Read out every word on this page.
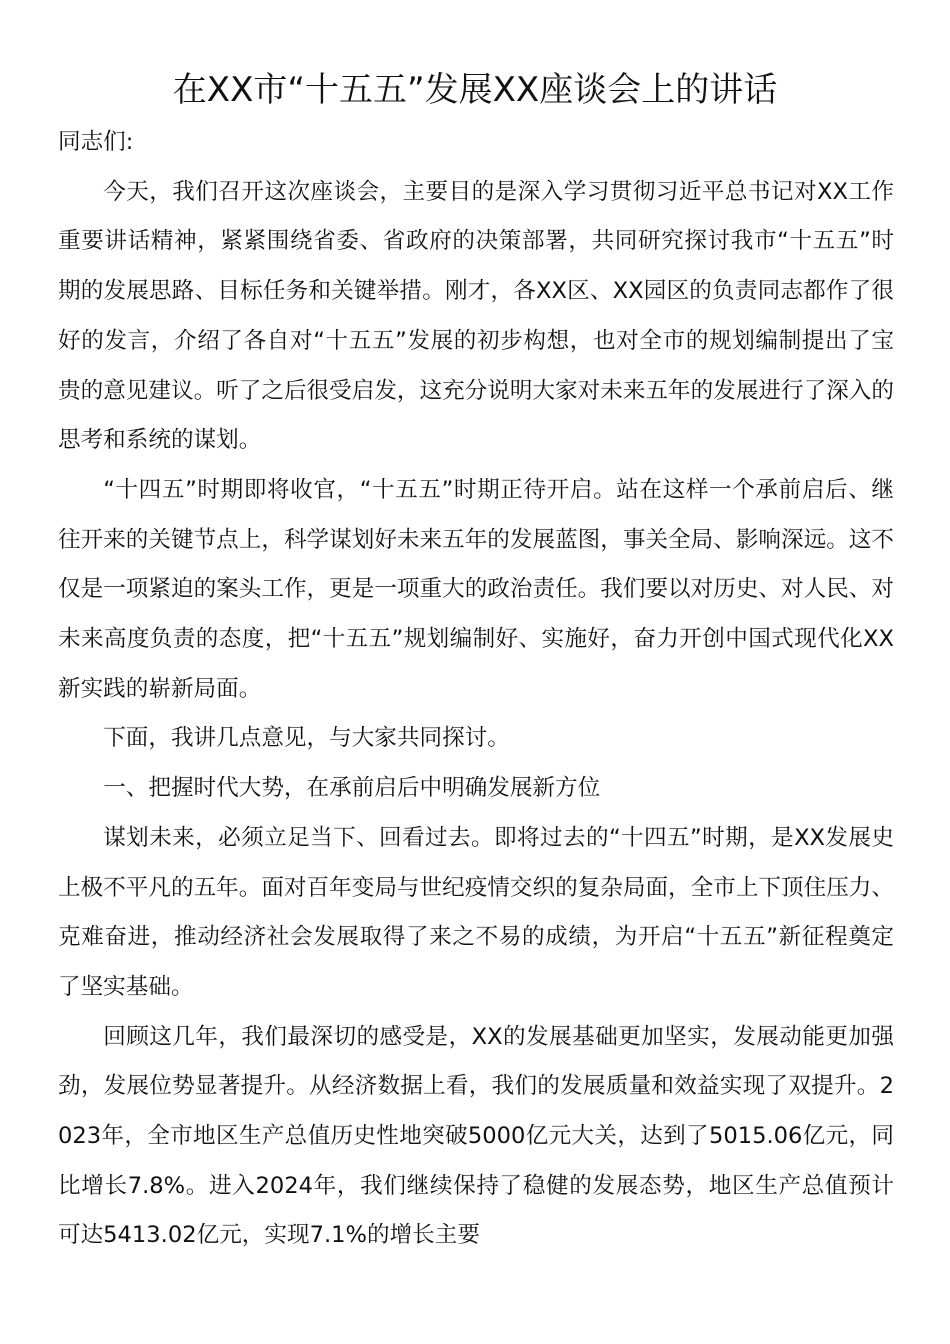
在XX市“十五五”发展XX座谈会上的讲话

同志们:

今天，我们召开这次座谈会，主要目的是深入学习贯彻习近平总书记对XX工作重要讲话精神，紧紧围绕省委、省政府的决策部署，共同研究探讨我市“十五五”时期的发展思路、目标任务和关键举措。刚才，各XX区、XX园区的负责同志都作了很好的发言，介绍了各自对“十五五”发展的初步构想，也对全市的规划编制提出了宝贵的意见建议。听了之后很受启发，这充分说明大家对未来五年的发展进行了深入的思考和系统的谋划。

“十四五”时期即将收官，“十五五”时期正待开启。站在这样一个承前启后、继往开来的关键节点上，科学谋划好未来五年的发展蓝图，事关全局、影响深远。这不仅是一项紧迫的案头工作，更是一项重大的政治责任。我们要以对历史、对人民、对未来高度负责的态度，把“十五五”规划编制好、实施好，奋力开创中国式现代化XX新实践的崭新局面。

下面，我讲几点意见，与大家共同探讨。

一、把握时代大势，在承前启后中明确发展新方位

谋划未来，必须立足当下、回看过去。即将过去的“十四五”时期，是XX发展史上极不平凡的五年。面对百年变局与世纪疫情交织的复杂局面，全市上下顶住压力、克难奋进，推动经济社会发展取得了来之不易的成绩，为开启“十五五”新征程奠定了坚实基础。

回顾这几年，我们最深切的感受是，XX的发展基础更加坚实，发展动能更加强劲，发展位势显著提升。从经济数据上看，我们的发展质量和效益实现了双提升。2023年，全市地区生产总值历史性地突破5000亿元大关，达到了5015.06亿元，同比增长7.8%。进入2024年，我们继续保持了稳健的发展态势，地区生产总值预计可达5413.02亿元，实现7.1%的增长主要
